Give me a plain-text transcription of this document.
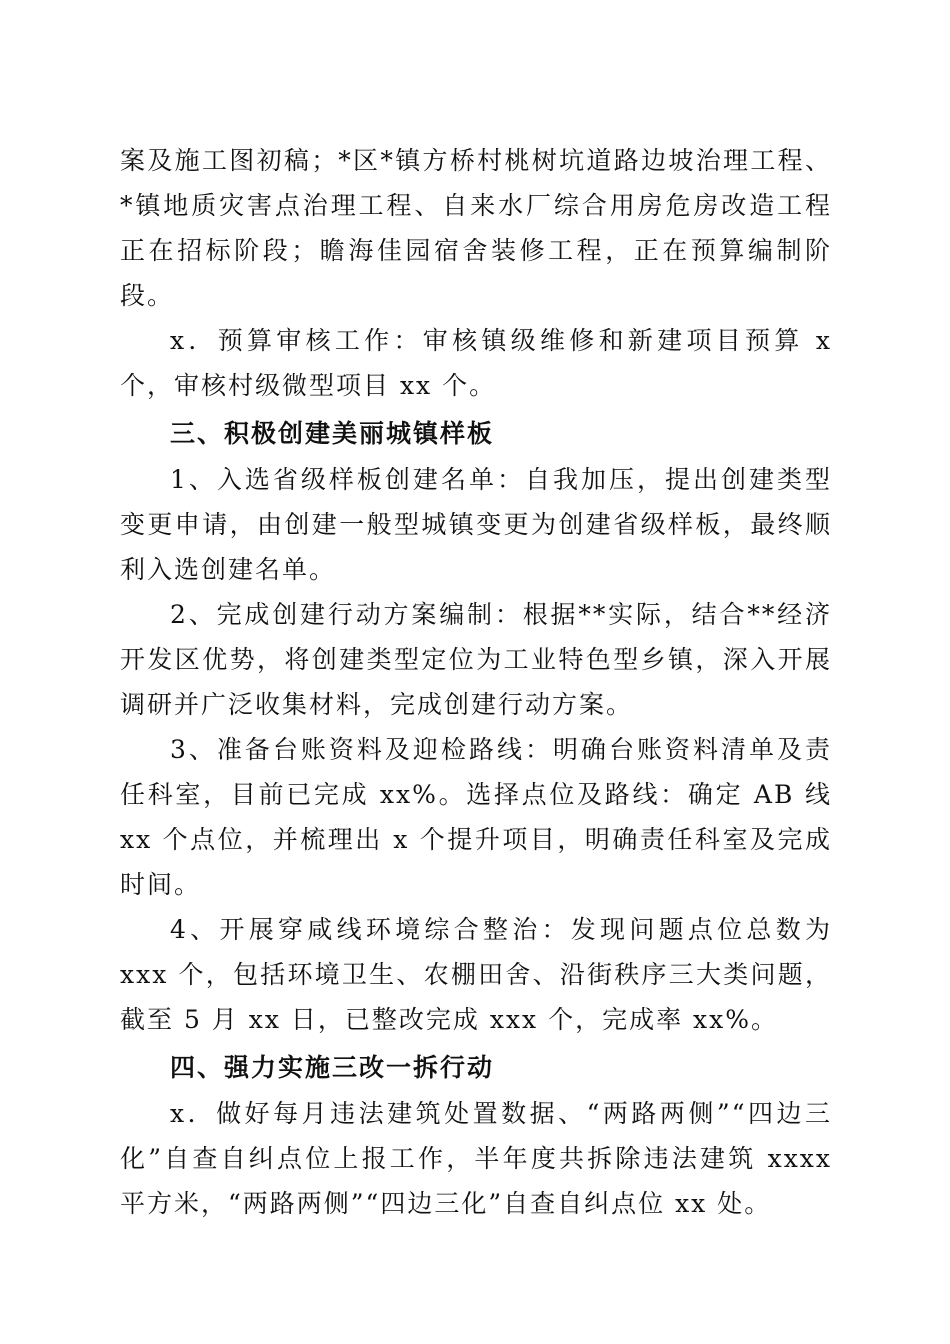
案及施工图初稿；*区*镇方桥村桃树坑道路边坡治理工程、*镇地质灾害点治理工程、自来水厂综合用房危房改造工程正在招标阶段；瞻海佳园宿舍装修工程，正在预算编制阶段。

x．预算审核工作：审核镇级维修和新建项目预算 x 个，审核村级微型项目 xx 个。

三、积极创建美丽城镇样板

1、入选省级样板创建名单：自我加压，提出创建类型变更申请，由创建一般型城镇变更为创建省级样板，最终顺利入选创建名单。

2、完成创建行动方案编制：根据**实际，结合**经济开发区优势，将创建类型定位为工业特色型乡镇，深入开展调研并广泛收集材料，完成创建行动方案。

3、准备台账资料及迎检路线：明确台账资料清单及责任科室，目前已完成 xx%。选择点位及路线：确定 AB 线 xx 个点位，并梳理出 x 个提升项目，明确责任科室及完成时间。

4、开展穿咸线环境综合整治：发现问题点位总数为 xxx 个，包括环境卫生、农棚田舍、沿街秩序三大类问题，截至 5 月 xx 日，已整改完成 xxx 个，完成率 xx%。

四、强力实施三改一拆行动

x．做好每月违法建筑处置数据、“两路两侧”“四边三化”自查自纠点位上报工作，半年度共拆除违法建筑 xxxx 平方米，“两路两侧”“四边三化”自查自纠点位 xx 处。
